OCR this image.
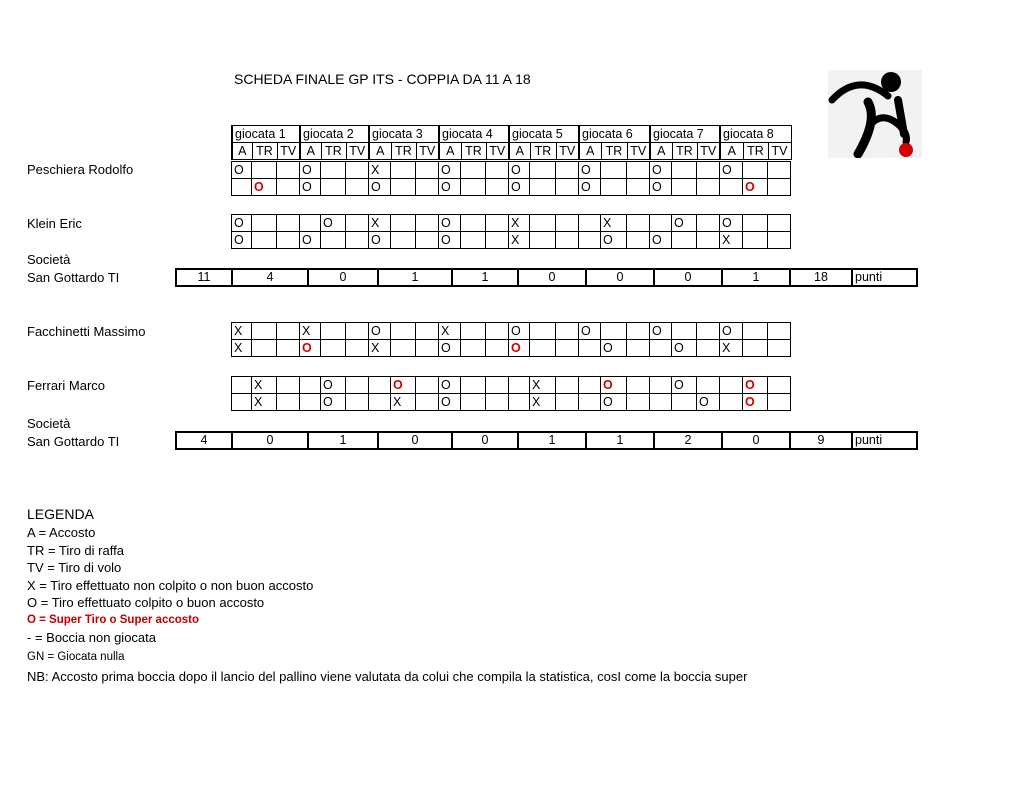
SCHEDA FINALE GP ITS - COPPIA DA 11 A 18
Peschiera Rodolfo
Klein Eric
Società
San Gottardo TI
giocata 1			giocata 2			giocata 3			giocata 4			giocata 5			giocata 6			giocata 7			giocata 8		
A	TR	TV	A	TR	TV	A	TR	TV	A	TR	TV	A	TR	TV	A	TR	TV	A	TR	TV	A	TR	TV
O			O			X			O			O			O			O			O		
	O		O			O			O			O			O			O				O	
O				O		X			O			X				X			O		O		
O			O			O			O			X				O		O			X		
11	4	0	1	1	0	0	0	1	18	punti
Facchinetti Massimo
Ferrari Marco
Società
San Gottardo TI
X			X			O			X			O			O			O			O		
X			O			X			O			O				O			O		X		
	X			O			O		O				X			O			O			O	
	X			O			X		O				X			O				O		O	
4	0	1	0	0	1	1	2	0	9	punti
LEGENDA
A = Accosto
TR = Tiro di raffa
TV = Tiro di volo
X = Tiro effettuato non colpito o non buon accosto
O = Tiro effettuato colpito o buon accosto
O = Super Tiro o Super accosto
- = Boccia non giocata
GN = Giocata nulla
NB: Accosto prima boccia dopo il lancio del pallino viene valutata da colui che compila la statistica, cosI come la boccia super
